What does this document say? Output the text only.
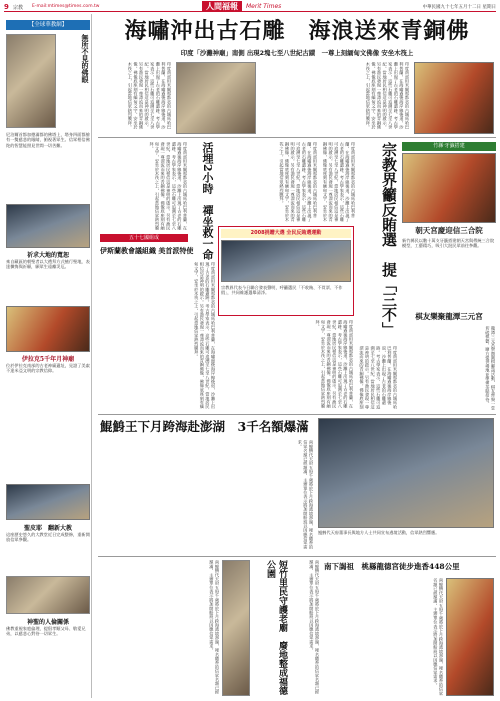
9 宗教 E-mail:mtimes@times.com.tw	人間福報	Merit Times	中華民國九十七年五月十二日 星期日
【全球華教網】
無所不見的佛眼
尼泊爾首都加德滿都的佛塔上，塔身四面都繪有一雙慈悲的眼睛，俯視著眾生。信眾相信佛陀的智慧能照見世間一切苦難。
祈求大地的寬恕
來自藏區的朝聖者以大禮拜方式繞行聖地，表達懺悔與祈願，願眾生遠離災厄。
伊拉克5千年月神廟
位於伊拉克南部的古老神廟遺址，見證了美索不達米亞文明的宗教信仰。
聖皮耶　翻新大教
這座歷史悠久的大教堂近日完成整修，重新開放信眾參觀。
神聖的人倫關係
佛教重視家庭倫理，提倡孝順父母、敬愛兄弟，以慈悲心對待一切眾生。
海嘯沖出古石雕　海浪送來青銅佛
印度「沙灘神廟」南側 出現2塊七至八世紀古蹟　一尊上刻緬甸文佛像 安坐木筏上
印度南部坦米爾那都省的古城馬哈巴利普蘭，在海嘯過後海岸線後退，沙灘上出現了古老的石雕遺跡。考古學家表示，這些石雕可追溯至七至八世紀，當地居民相信這是神明的啟示。另有漁民發現一尊漂流而來的青銅佛像，佛像底座刻有緬甸文字，安坐於木筏之上，引起當地信眾熱烈膜拜。	印度南部坦米爾那都省的古城馬哈巴利普蘭，在海嘯過後海岸線後退，沙灘上出現了古老的石雕遺跡。考古學家表示，這些石雕可追溯至七至八世紀，當地居民相信這是神明的啟示。另有漁民發現一尊漂流而來的青銅佛像，佛像底座刻有緬甸文字，安坐於木筏之上，引起當地信眾熱烈膜拜。
印度南部坦米爾那都省的古城馬哈巴利普蘭，在海嘯過後海岸線後退，沙灘上出現了古老的石雕遺跡。考古學家表示，這些石雕可追溯至七至八世紀，當地居民相信這是神明的啟示。另有漁民發現一尊漂流而來的青銅佛像，佛像底座刻有緬甸文字，安坐於木筏之上，引起當地信眾熱烈膜拜。	活埋2小時　禪坐救一命
五十七國組成
伊斯蘭教會議組織 美首派特使
印度南部坦米爾那都省的古城馬哈巴利普蘭，在海嘯過後海岸線後退，沙灘上出現了古老的石雕遺跡。考古學家表示，這些石雕可追溯至七至八世紀，當地居民相信這是神明的啟示。另有漁民發現一尊漂流而來的青銅佛像，佛像底座刻有緬甸文字，安坐於木筏之上，引起當地信眾熱烈膜拜。	印度南部坦米爾那都省的古城馬哈巴利普蘭，在海嘯過後海岸線後退，沙灘上出現了古老的石雕遺跡。考古學家表示，這些石雕可追溯至七至八世紀，當地居民相信這是神明的啟示。另有漁民發現一尊漂流而來的青銅佛像，佛像底座刻有緬甸文字，安坐於木	宗教界籲反賄選　提「三不」
2008捐贈大選 全民反賄選運動
宗教界代表今日聯合發表聲明，呼籲選民「不收賄、不買票、不作假」，共同維護選舉清淨。
印度南部坦米爾那都省的古城馬哈巴利普蘭，在海嘯過後海岸線後退，沙灘上出現了古老的石雕遺跡。考古學家表示，這些石雕可追溯至七至八世紀，當地居民相信這是神明的啟示。另有漁民發現一尊漂流而來的青銅佛像，佛像底座刻有緬甸文字，安坐於木筏之上，引起當地信眾熱烈膜拜。
印度南部坦米爾那都省的古城馬哈巴利普蘭，在海嘯過後海岸線後退，沙灘上出現了古老的石雕遺跡。考古學家表示，這些石雕可追溯至七至八世紀，當地居民相信這是神明的啟示。另有漁民發現一尊漂流而來的青銅佛像，佛像底座刻有緬甸文字，安坐於木筏之上，引起當地信眾熱烈膜拜。
印度南部坦米爾那都省的古城馬哈巴利普蘭，在海嘯過後海岸線後退，沙灘上出現了古老的石雕遺跡。考古學家表示，這些石雕可追溯至七至八世紀，當地居民相信這是神明的啟示。另有漁民發現一尊漂流而來的青銅佛像，佛像底座刻
竹縣‧牙籤搭建
朝天宮慶迎信三合院
新竹縣民以數十萬支牙籤搭建朝天宮與傳統三合院模型，工藝精巧，吸引大批民眾前往參觀。
棋友樂聚龍潭三元宮
龍潭三元宮舉辦圍棋聯誼活動，棋友齊聚一堂切磋棋藝，廟方提供場地並準備茶點招待。
鯤鯓王下月跨海赴澎湖　3千名額爆滿
南鯤鯓代天府五府千歲將於下月跨海遶境澎湖，報名隨香的信眾名額已經額滿，主辦單位表示將加開船班以因應信眾需求。
鯤鯓代天府董事長與地方人士共同宣布遶境活動，信眾熱烈響應。
南鯤鯓代天府五府千歲將於下月跨海遶境澎湖，報名隨香的信眾名額已經額滿，主辦單位表示將加開船班以因應信眾需求。	短竹里民守護老廟　廢地整成福德公園	南鯤鯓代天府五府千歲將於下月跨海遶境澎湖，報名隨香的信眾名額已經額滿，主辦單位表示將加開船班以因應信眾需求。	南下謁祖　桃縣龍德宮徒步進香448公里
南鯤鯓代天府五府千歲將於下月跨海遶境澎湖，報名隨香的信眾名額已經額滿，主辦單位表示將加開船班以因應信眾需求。
